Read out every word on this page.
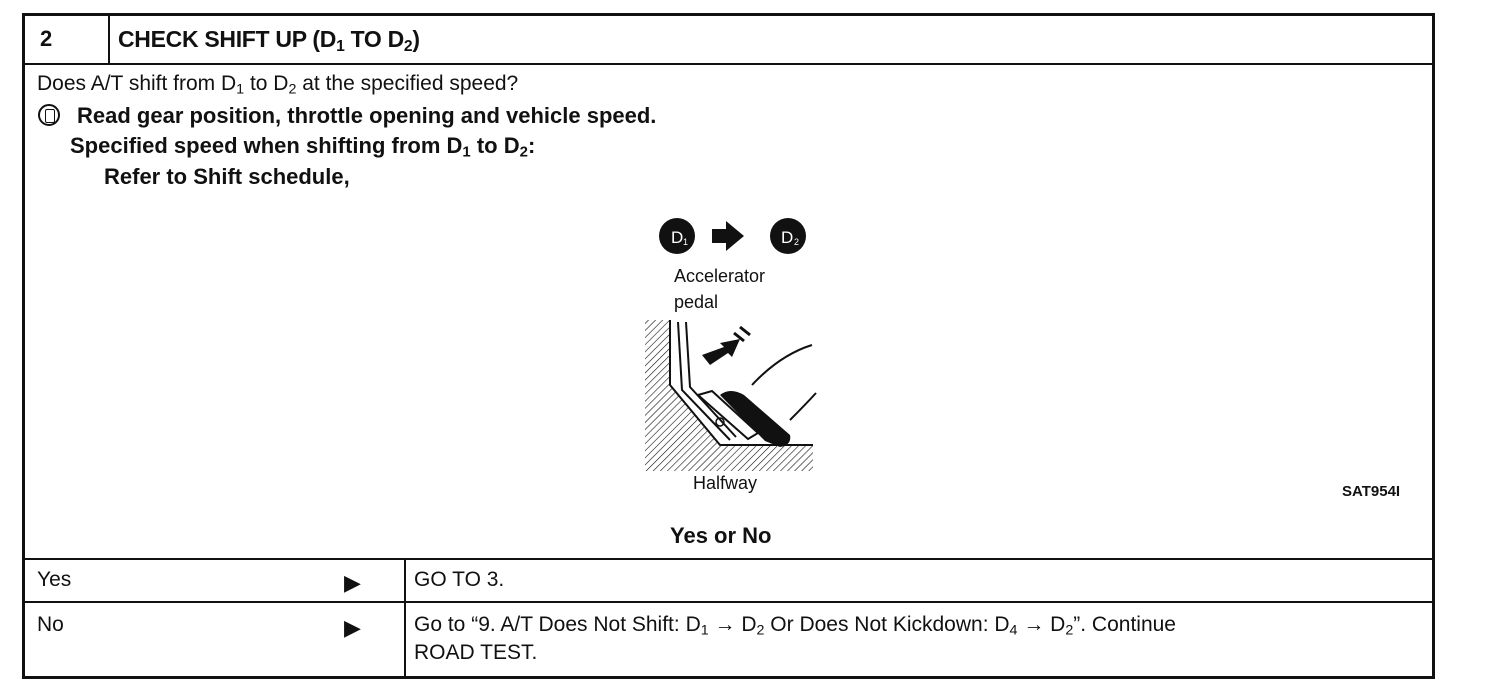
2	CHECK SHIFT UP ($D_1$ TO $D_2$)
Does A/T shift from $D_1$ to $D_2$ at the specified speed?
Read gear position, throttle opening and vehicle speed.
Specified speed when shifting from $D_1$ to $D_2$:
Refer to Shift schedule,
D 1	D 2
Accelerator
pedal
Halfway	SAT954I
Yes or No
Yes	▶	GO TO 3.
No	▶	Go to “9. A/T Does Not Shift: $D_1 \to D_2$ Or Does Not Kickdown: $D_4 \to D_2$”. Continue
ROAD TEST.
